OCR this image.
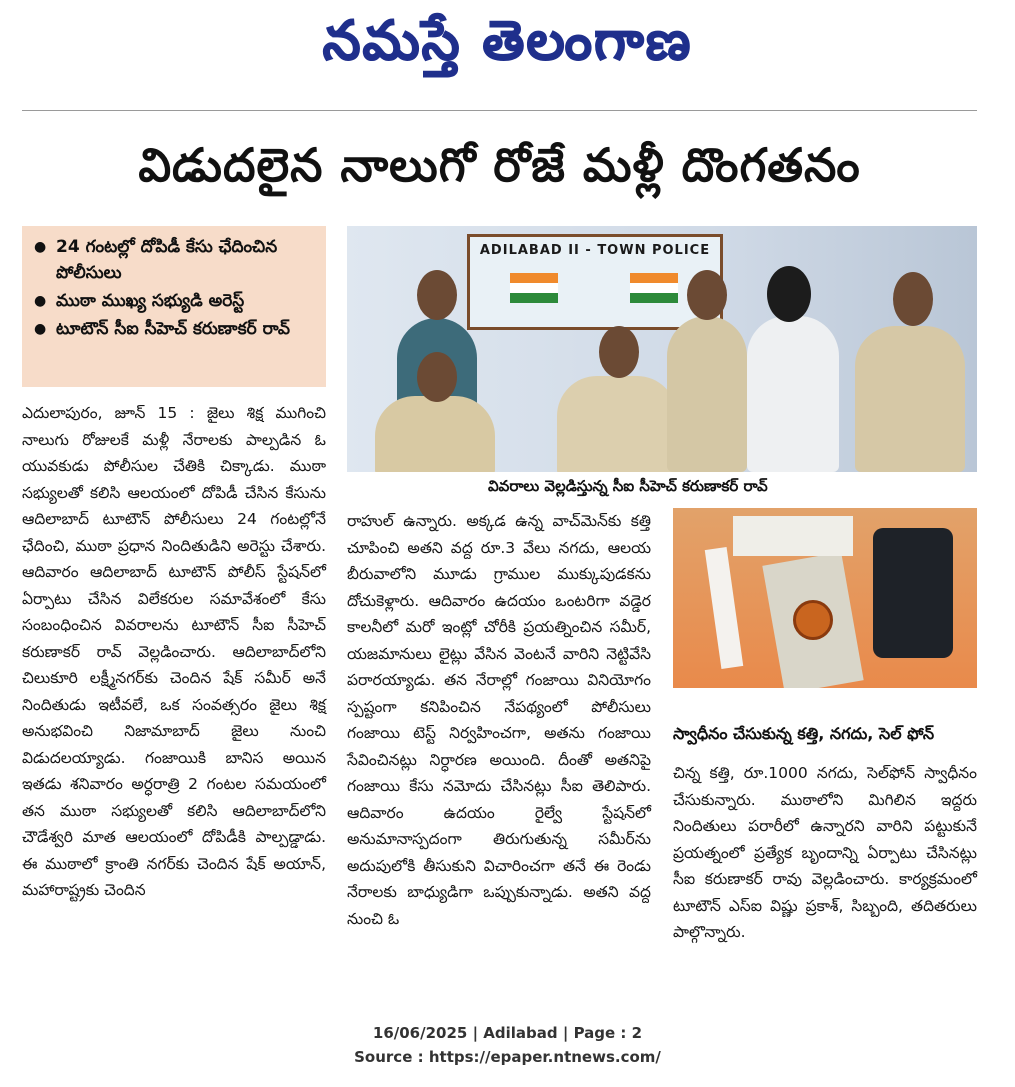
నమస్తే తెలంగాణ
విడుదలైన నాలుగో రోజే మళ్లీ దొంగతనం
● 24 గంటల్లో దోపిడీ కేసు ఛేదించిన పోలీసులు
● ముఠా ముఖ్య సభ్యుడి అరెస్ట్
● టూటౌన్ సీఐ సీహెచ్ కరుణాకర్ రావ్
ADILABAD II - TOWN POLICE
వివరాలు వెల్లడిస్తున్న సీఐ సీహెచ్ కరుణాకర్ రావ్
స్వాధీనం చేసుకున్న కత్తి, నగదు, సెల్ ఫోన్
ఎదులాపురం, జూన్ 15 : జైలు శిక్ష ముగించి నాలుగు రోజులకే మళ్లీ నేరాలకు పాల్పడిన ఓ యువకుడు పోలీసుల చేతికి చిక్కాడు. ముఠా సభ్యులతో కలిసి ఆలయంలో దోపిడీ చేసిన కేసును ఆదిలాబాద్ టూటౌన్ పోలీసులు 24 గంటల్లోనే ఛేదించి, ముఠా ప్రధాన నిందితుడిని అరెస్టు చేశారు. ఆదివారం ఆదిలాబాద్ టూటౌన్ పోలీస్ స్టేషన్‌లో ఏర్పాటు చేసిన విలేకరుల సమావేశంలో కేసు సంబంధించిన వివరాలను టూటౌన్ సీఐ సీహెచ్ కరుణాకర్ రావ్ వెల్లడించారు. ఆదిలాబాద్‌లోని చిలుకూరి లక్ష్మీనగర్‌కు చెందిన షేక్ సమీర్ అనే నిందితుడు ఇటీవలే, ఒక సంవత్సరం జైలు శిక్ష అనుభవించి నిజామాబాద్ జైలు నుంచి విడుదలయ్యాడు. గంజాయికి బానిస అయిన ఇతడు శనివారం అర్ధరాత్రి 2 గంటల సమయంలో తన ముఠా సభ్యులతో కలిసి ఆదిలాబాద్‌లోని చౌడేశ్వరి మాత ఆలయంలో దోపిడీకి పాల్పడ్డాడు. ఈ ముఠాలో క్రాంతి నగర్‌కు చెందిన షేక్ అయాన్, మహారాష్ట్రకు చెందిన
రాహుల్ ఉన్నారు. అక్కడ ఉన్న వాచ్‌మెన్‌కు కత్తి చూపించి అతని వద్ద రూ.3 వేలు నగదు, ఆలయ బీరువాలోని మూడు గ్రాముల ముక్కుపుడకను దోచుకెళ్లారు. ఆదివారం ఉదయం ఒంటరిగా వడ్డెర కాలనీలో మరో ఇంట్లో చోరీకి ప్రయత్నించిన సమీర్, యజమానులు లైట్లు వేసిన వెంటనే వారిని నెట్టివేసి పరారయ్యాడు. తన నేరాల్లో గంజాయి వినియోగం స్పష్టంగా కనిపించిన నేపథ్యంలో పోలీసులు గంజాయి టెస్ట్ నిర్వహించగా, అతను గంజాయి సేవించినట్లు నిర్ధారణ అయింది. దీంతో అతనిపై గంజాయి కేసు నమోదు చేసినట్లు సీఐ తెలిపారు. ఆదివారం ఉదయం రైల్వే స్టేషన్‌లో అనుమానాస్పదంగా తిరుగుతున్న సమీర్‌ను అదుపులోకి తీసుకుని విచారించగా తనే ఈ రెండు నేరాలకు బాధ్యుడిగా ఒప్పుకున్నాడు. అతని వద్ద నుంచి ఓ
చిన్న కత్తి, రూ.1000 నగదు, సెల్‌ఫోన్ స్వాధీనం చేసుకున్నారు. ముఠాలోని మిగిలిన ఇద్దరు నిందితులు పరారీలో ఉన్నారని వారిని పట్టుకునే ప్రయత్నంలో ప్రత్యేక బృందాన్ని ఏర్పాటు చేసినట్లు సీఐ కరుణాకర్ రావు వెల్లడించారు. కార్యక్రమంలో టూటౌన్ ఎస్ఐ విష్ణు ప్రకాశ్, సిబ్బంది, తదితరులు పాల్గొన్నారు.
16/06/2025 | Adilabad | Page : 2
Source : https://epaper.ntnews.com/
